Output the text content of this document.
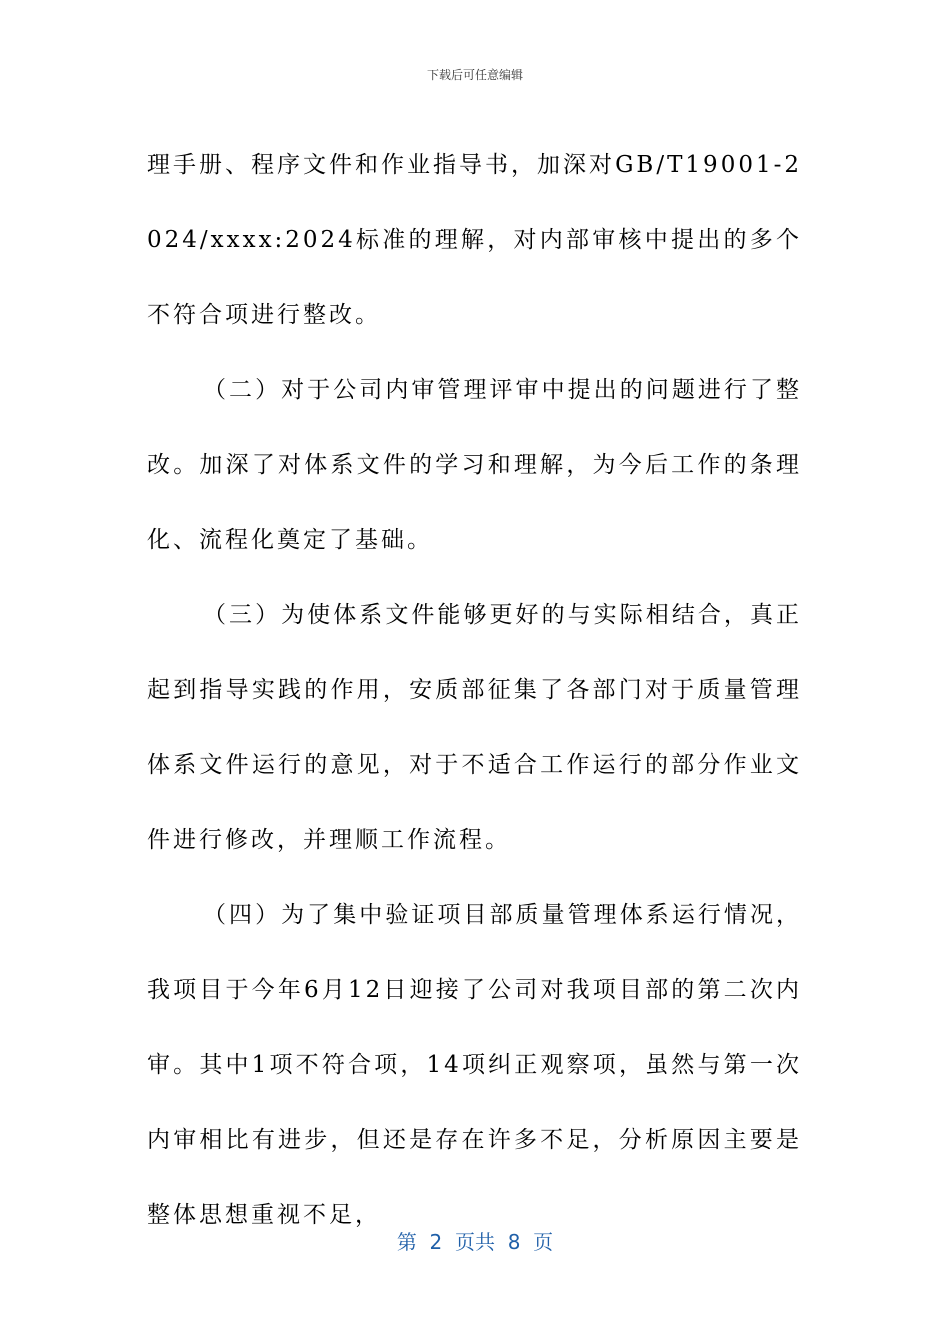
下载后可任意编辑

理手册、程序文件和作业指导书，加深对GB/T19001-2024/xxxx:2024标准的理解，对内部审核中提出的多个不符合项进行整改。

（二）对于公司内审管理评审中提出的问题进行了整改。加深了对体系文件的学习和理解，为今后工作的条理化、流程化奠定了基础。

（三）为使体系文件能够更好的与实际相结合，真正起到指导实践的作用，安质部征集了各部门对于质量管理体系文件运行的意见，对于不适合工作运行的部分作业文件进行修改，并理顺工作流程。

（四）为了集中验证项目部质量管理体系运行情况，我项目于今年6月12日迎接了公司对我项目部的第二次内审。其中1项不符合项，14项纠正观察项，虽然与第一次内审相比有进步，但还是存在许多不足，分析原因主要是整体思想重视不足，

第  2  页共  8  页
